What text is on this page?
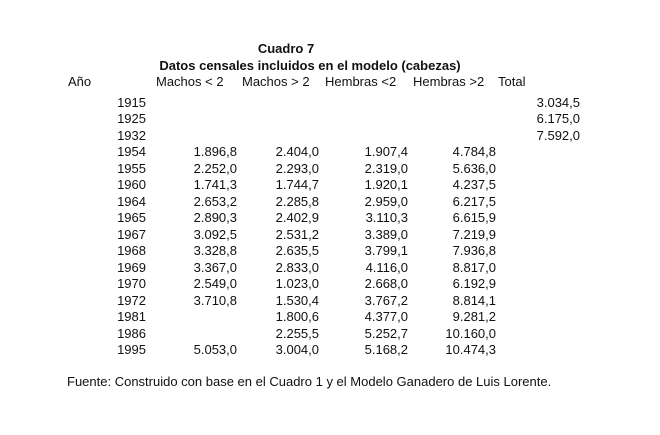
Cuadro 7
Datos censales incluidos en el modelo (cabezas)
Año	Machos < 2	Machos > 2	Hembras <2	Hembras >2	Total
1915					3.034,5
1925					6.175,0
1932					7.592,0
1954	1.896,8	2.404,0	1.907,4	4.784,8	
1955	2.252,0	2.293,0	2.319,0	5.636,0	
1960	1.741,3	1.744,7	1.920,1	4.237,5	
1964	2.653,2	2.285,8	2.959,0	6.217,5	
1965	2.890,3	2.402,9	3.110,3	6.615,9	
1967	3.092,5	2.531,2	3.389,0	7.219,9	
1968	3.328,8	2.635,5	3.799,1	7.936,8	
1969	3.367,0	2.833,0	4.116,0	8.817,0	
1970	2.549,0	1.023,0	2.668,0	6.192,9	
1972	3.710,8	1.530,4	3.767,2	8.814,1	
1981		1.800,6	4.377,0	9.281,2	
1986		2.255,5	5.252,7	10.160,0	
1995	5.053,0	3.004,0	5.168,2	10.474,3	
Fuente: Construido con base en el Cuadro 1 y el Modelo Ganadero de Luis Lorente.
